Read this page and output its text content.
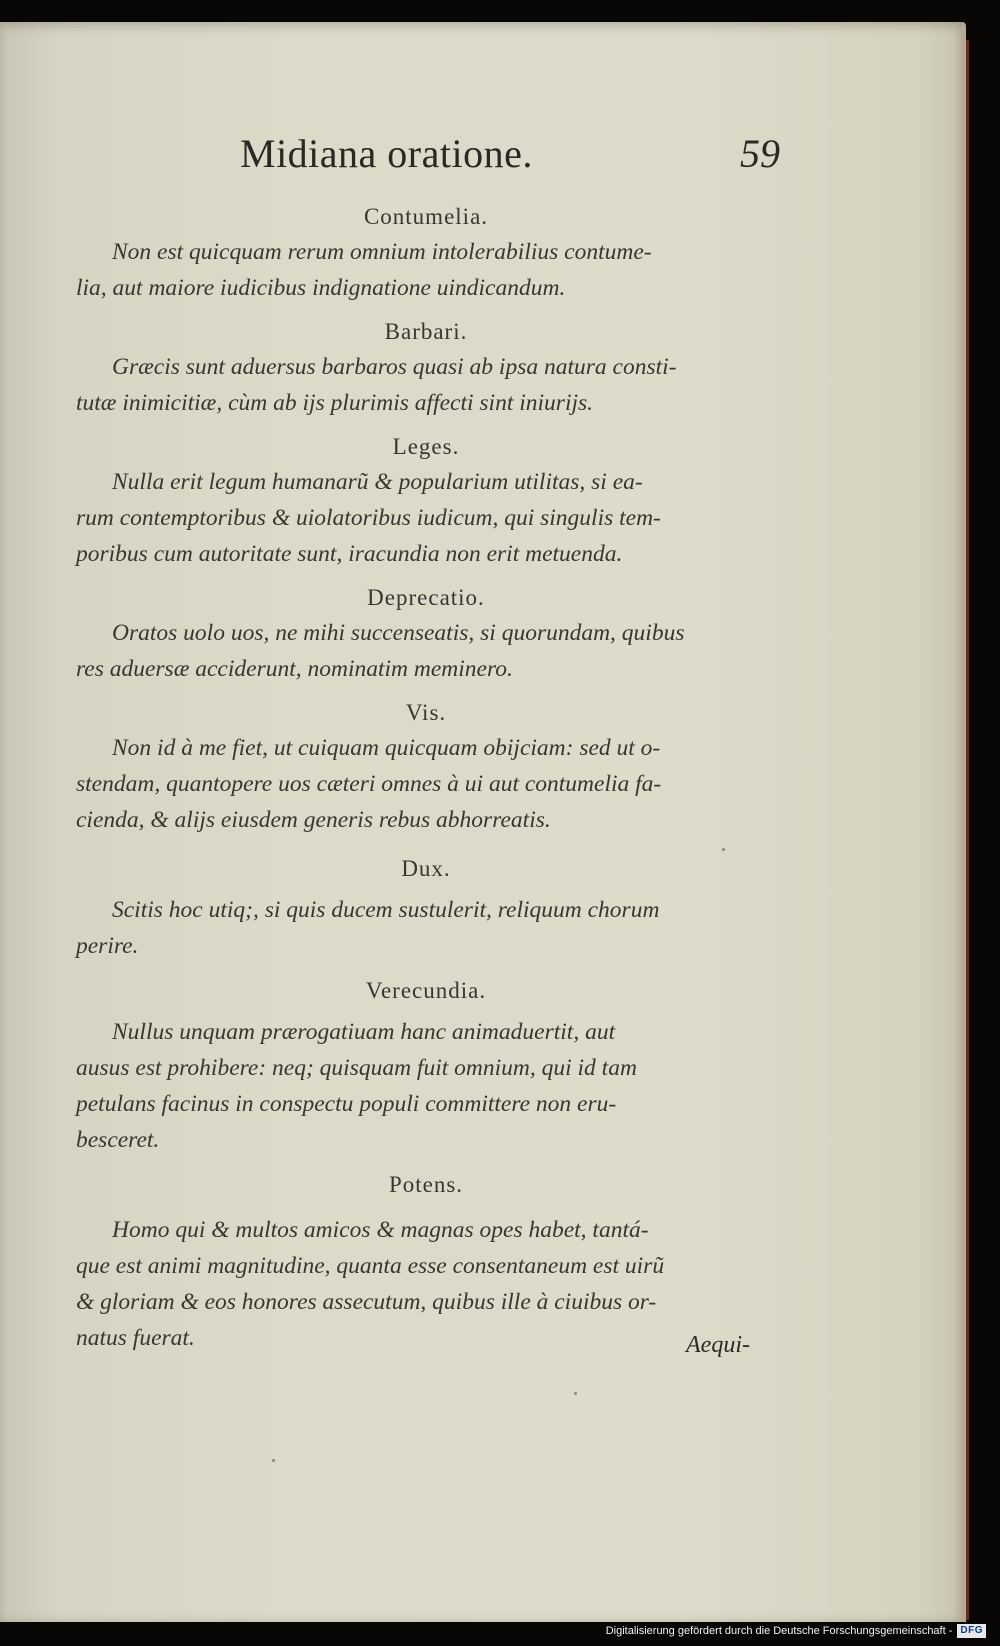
Midiana oratione.	59

Contumelia.

Non est quicquam rerum omnium intolerabilius contume-
lia, aut maiore iudicibus indignatione uindicandum.

Barbari.

Græcis sunt aduersus barbaros quasi ab ipsa natura consti-
tutæ inimicitiæ, cùm ab ijs plurimis affecti sint iniurijs.

Leges.

Nulla erit legum humanarũ & popularium utilitas, si ea-
rum contemptoribus & uiolatoribus iudicum, qui singulis tem-
poribus cum autoritate sunt, iracundia non erit metuenda.

Deprecatio.

Oratos uolo uos, ne mihi succenseatis, si quorundam, quibus
res aduersæ acciderunt, nominatim meminero.

Vis.

Non id à me fiet, ut cuiquam quicquam obijciam: sed ut o-
stendam, quantopere uos cæteri omnes à ui aut contumelia fa-
cienda, & alijs eiusdem generis rebus abhorreatis.

Dux.

Scitis hoc utiq;, si quis ducem sustulerit, reliquum chorum
perire.

Verecundia.

Nullus unquam prærogatiuam hanc animaduertit, aut
ausus est prohibere: neq; quisquam fuit omnium, qui id tam
petulans facinus in conspectu populi committere non eru-
besceret.

Potens.

Homo qui & multos amicos & magnas opes habet, tantá-
que est animi magnitudine, quanta esse consentaneum est uirũ
& gloriam & eos honores assecutum, quibus ille à ciuibus or-
natus fuerat.	Aequi-
Digitalisierung gefördert durch die Deutsche Forschungsgemeinschaft - DFG
